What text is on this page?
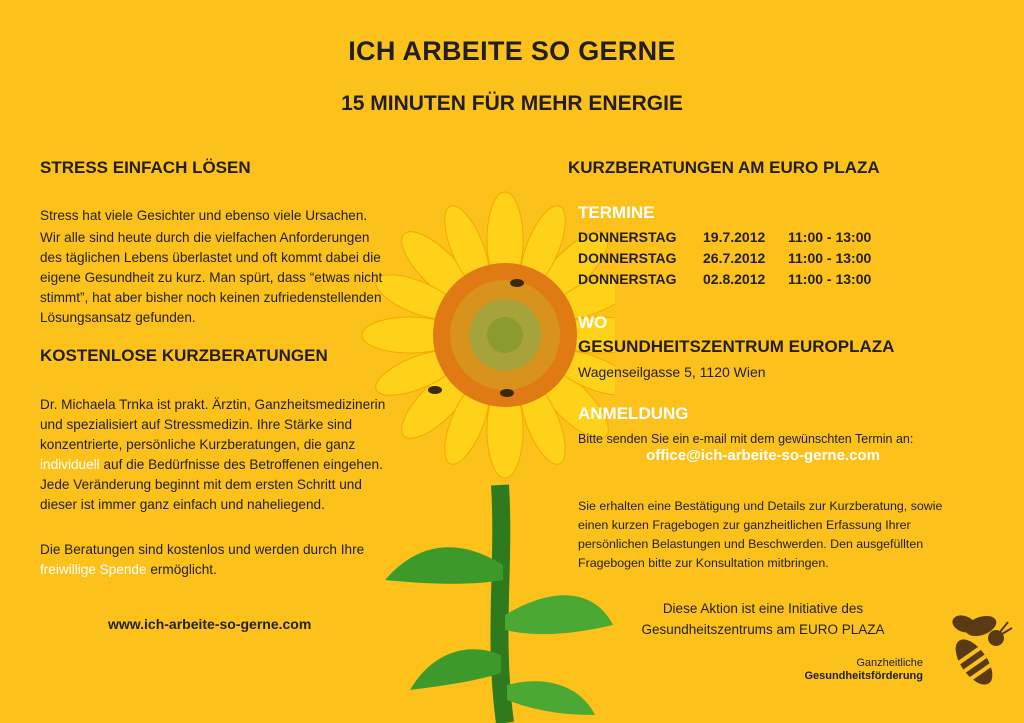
ICH ARBEITE SO GERNE
15 MINUTEN FÜR MEHR ENERGIE
STRESS EINFACH LÖSEN
Stress hat viele Gesichter und ebenso viele Ursachen.
Wir alle sind heute durch die vielfachen Anforderungen
des täglichen Lebens überlastet und oft kommt dabei die
eigene Gesundheit zu kurz. Man spürt, dass “etwas nicht
stimmt”, hat aber bisher noch keinen zufriedenstellenden
Lösungsansatz gefunden.
KOSTENLOSE KURZBERATUNGEN
Dr. Michaela Trnka ist prakt. Ärztin, Ganzheitsmedizinerin
und spezialisiert auf Stressmedizin. Ihre Stärke sind
konzentrierte, persönliche Kurzberatungen, die ganz
individuell auf die Bedürfnisse des Betroffenen eingehen.
Jede Veränderung beginnt mit dem ersten Schritt und
dieser ist immer ganz einfach und naheliegend.
Die Beratungen sind kostenlos und werden durch Ihre
freiwillige Spende ermöglicht.
www.ich-arbeite-so-gerne.com
KURZBERATUNGEN AM EURO PLAZA
TERMINE
DONNERSTAG 19.7.2012 11:00 - 13:00
DONNERSTAG 26.7.2012 11:00 - 13:00
DONNERSTAG 02.8.2012 11:00 - 13:00
WO
GESUNDHEITSZENTRUM EUROPLAZA
Wagenseilgasse 5, 1120 Wien
ANMELDUNG
Bitte senden Sie ein e-mail mit dem gewünschten Termin an:
office@ich-arbeite-so-gerne.com
Sie erhalten eine Bestätigung und Details zur Kurzberatung, sowie
einen kurzen Fragebogen zur ganzheitlichen Erfassung Ihrer
persönlichen Belastungen und Beschwerden. Den ausgefüllten
Fragebogen bitte zur Konsultation mitbringen.
Diese Aktion ist eine Initiative des
Gesundheitszentrums am EURO PLAZA
Ganzheitliche
Gesundheitsförderung
